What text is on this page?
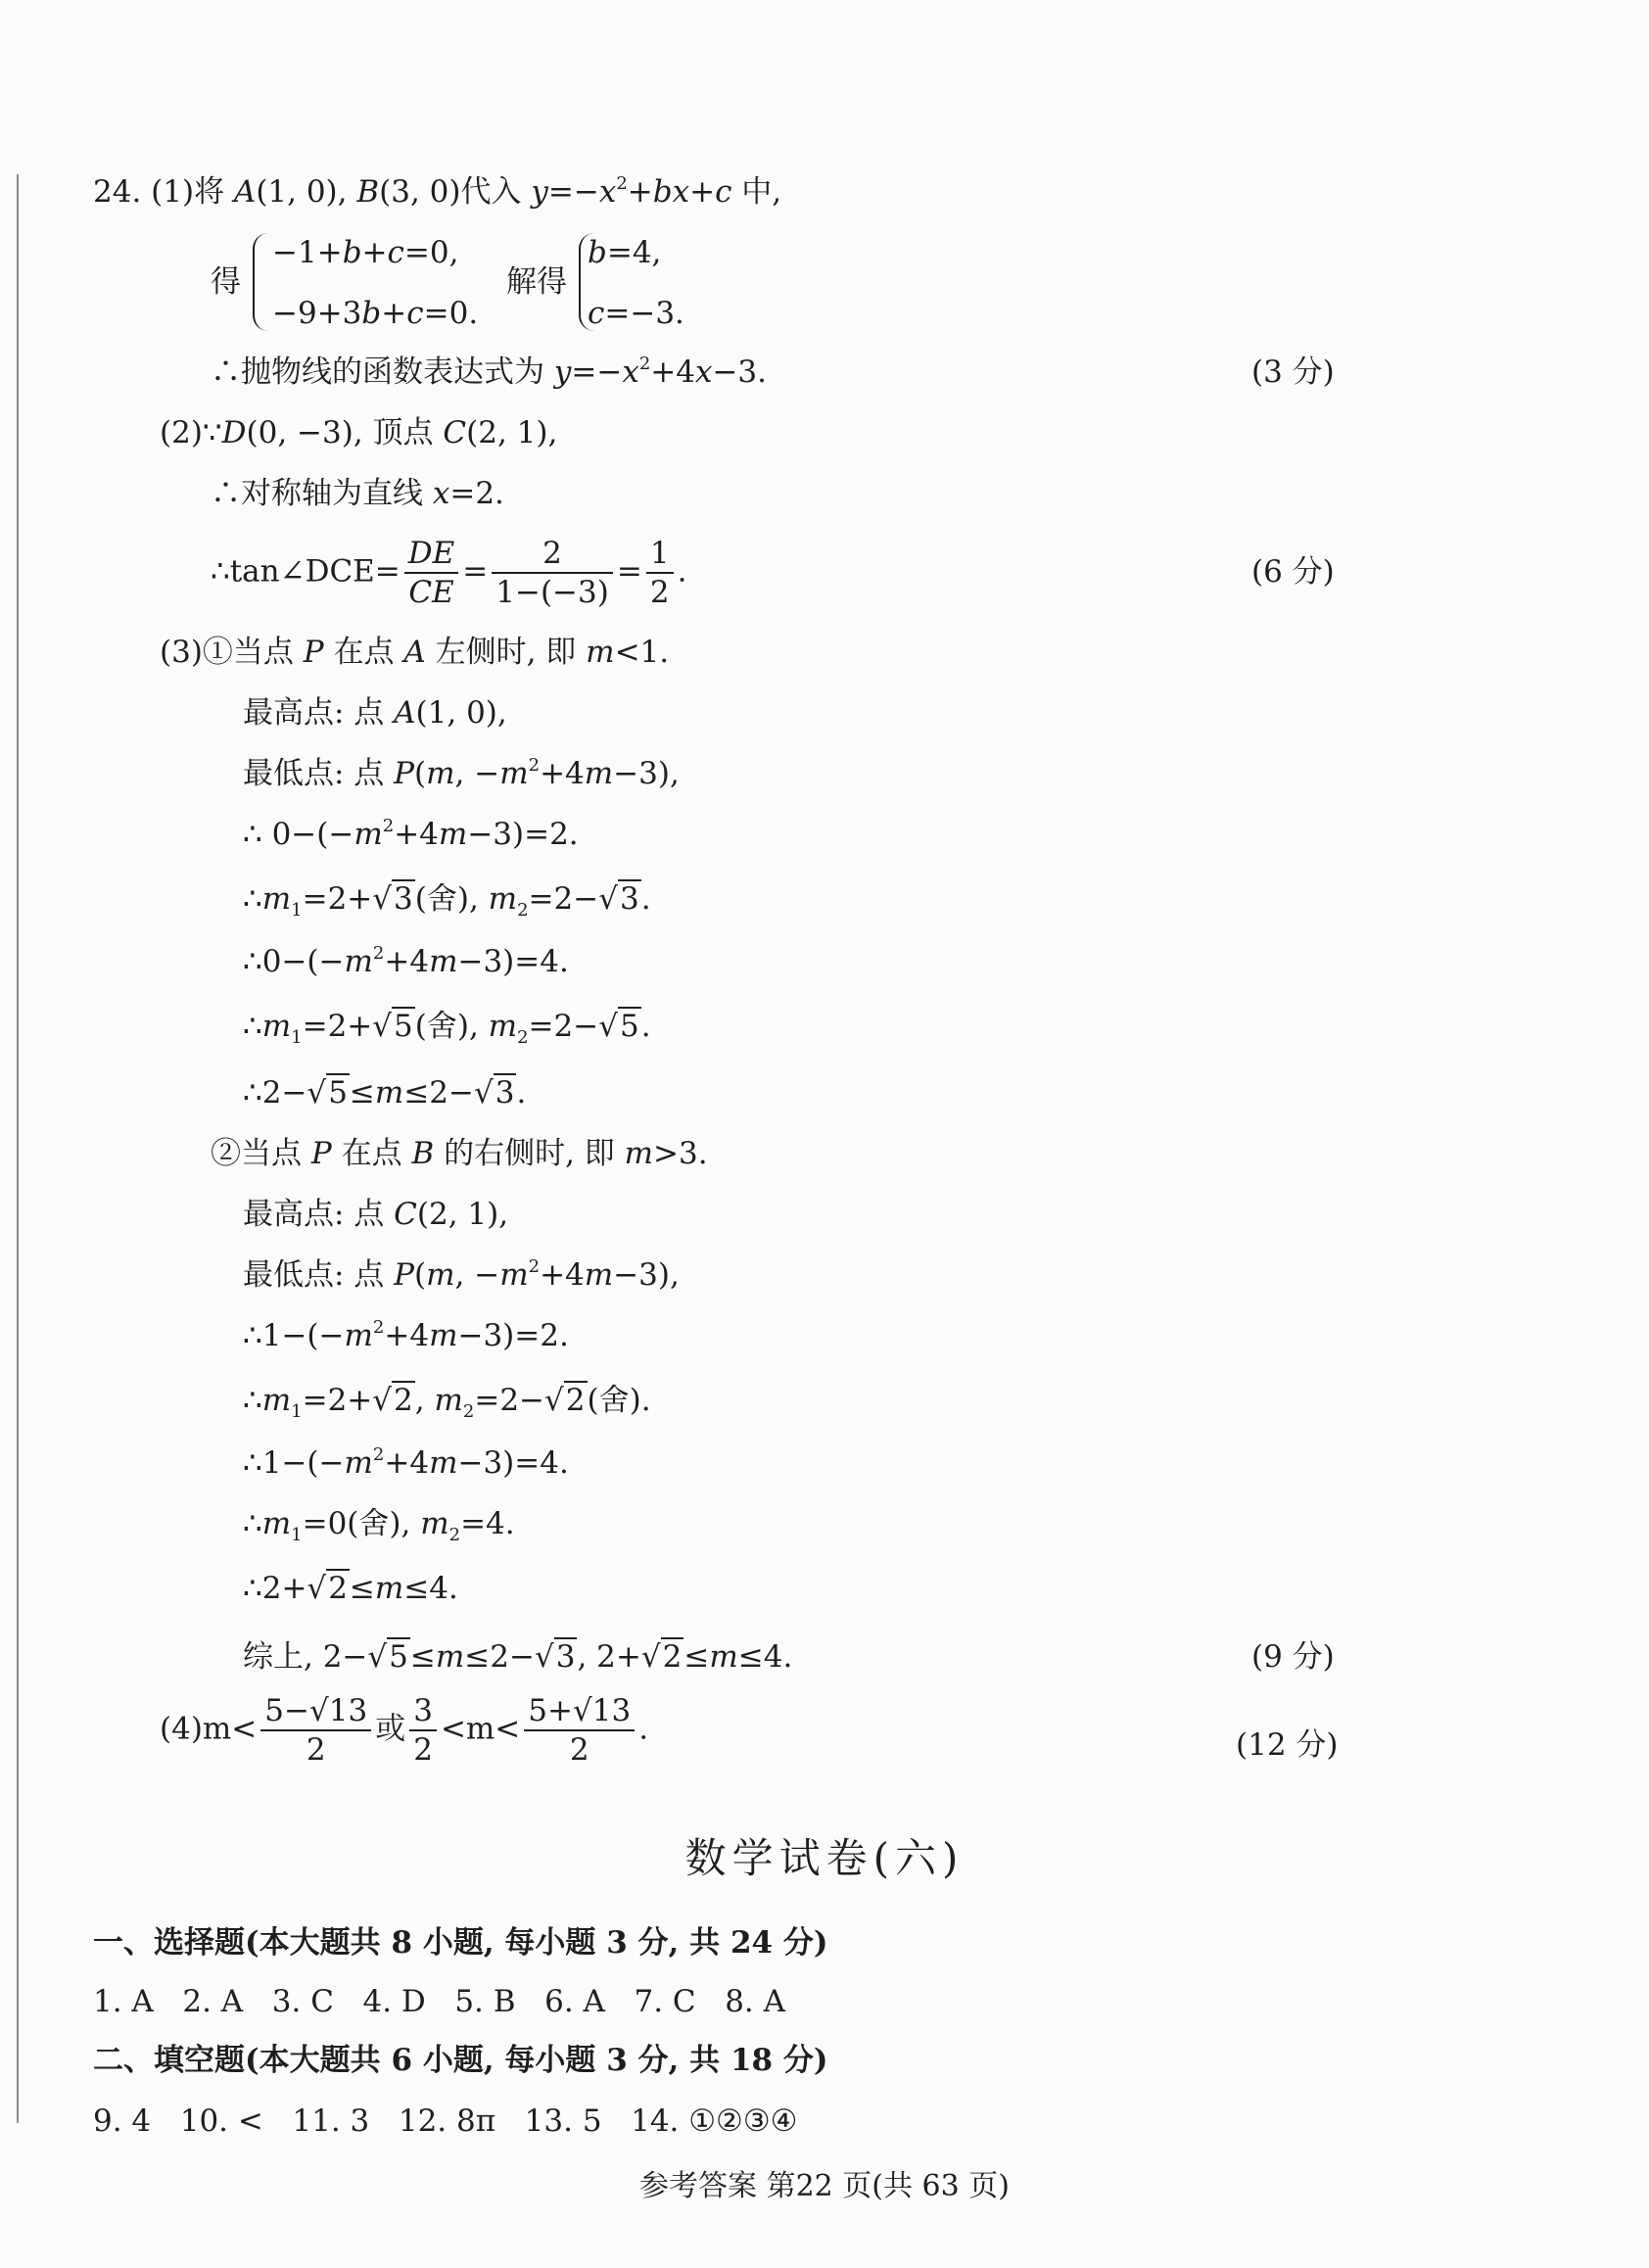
24. (1)将 A(1, 0), B(3, 0)代入 $y=-x^2+bx+c$ 中,
得
−1+b+c=0,
−9+3b+c=0.
解得
b=4,
c=−3.
∴抛物线的函数表达式为 $y=-x^2+4x-3$.	(3 分)
(2)∵D(0, −3), 顶点 C(2, 1),
∴对称轴为直线 x=2.
∴tan∠DCE= $\frac{DE}{CE} = \frac{2}{1-(-3)} = \frac{1}{2}$ .	(6 分)
(3)①当点 P 在点 A 左侧时, 即 m<1.
最高点: 点 A(1, 0),
最低点: 点 P(m, $-m^2+4m-3$),
∴ $0-(-m^2+4m-3)=2$.
$\therefore m_1=2+√3$(舍), $m_2=2-√3$.
$\therefore 0-(-m^2+4m-3)=4$.
$\therefore m_1=2+√5$(舍), $m_2=2-√5$.
∴2−√5≤m≤2−√3.
②当点 P 在点 B 的右侧时, 即 m>3.
最高点: 点 C(2, 1),
最低点: 点 P(m, $-m^2+4m-3$),
$\therefore 1-(-m^2+4m-3)=2$.
$\therefore m_1=2+√2$, $m_2=2-√2$(舍).
$\therefore 1-(-m^2+4m-3)=4$.
$\therefore m_1=0$(舍), $m_2=4$.
∴2+√2≤m≤4.
综上, 2−√5≤m≤2−√3, 2+√2≤m≤4.	(9 分)
$(4)m< \frac{5-√13}{2}$ 或 $\frac{3}{2} <m< \frac{5+√13}{2}$ .	(12 分)
数学试卷(六)
一、选择题(本大题共 8 小题, 每小题 3 分, 共 24 分)
1. A   2. A   3. C   4. D   5. B   6. A   7. C   8. A
二、填空题(本大题共 6 小题, 每小题 3 分, 共 18 分)
9. 4   10. <   11. 3   12. 8π   13. 5   14. ①②③④
参考答案 第22 页(共 63 页)
